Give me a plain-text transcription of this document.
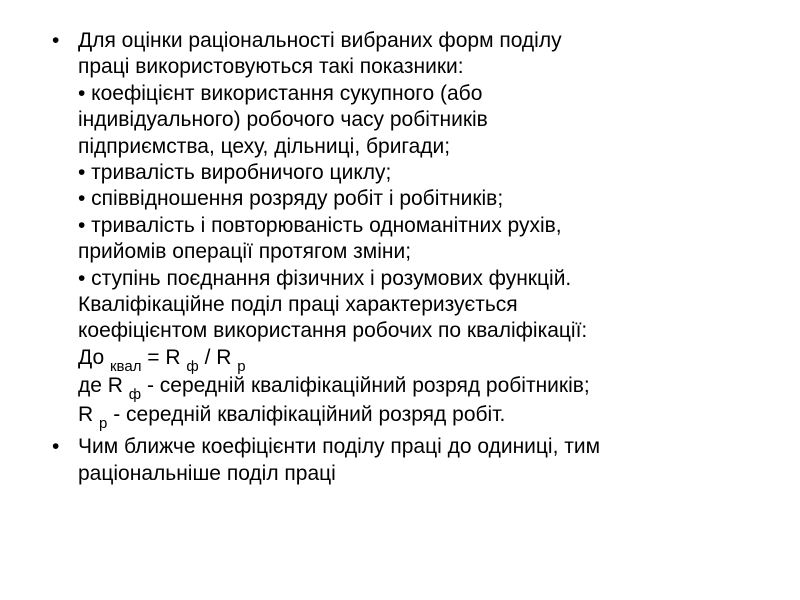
• Для оцінки раціональності вибраних форм поділу
праці використовуються такі показники:
• коефіцієнт використання сукупного (або
індивідуального) робочого часу робітників
підприємства, цеху, дільниці, бригади;
• тривалість виробничого циклу;
• співвідношення розряду робіт і робітників;
• тривалість і повторюваність одноманітних рухів,
прийомів операції протягом зміни;
• ступінь поєднання фізичних і розумових функцій.
Кваліфікаційне поділ праці характеризується
коефіцієнтом використання робочих по кваліфікації:
До $_{квал}$ = R $_ф$ / R $_р$
де R $_ф$ - середній кваліфікаційний розряд робітників;
R $_р$ - середній кваліфікаційний розряд робіт.
• Чим ближче коефіцієнти поділу праці до одиниці, тим
раціональніше поділ праці
